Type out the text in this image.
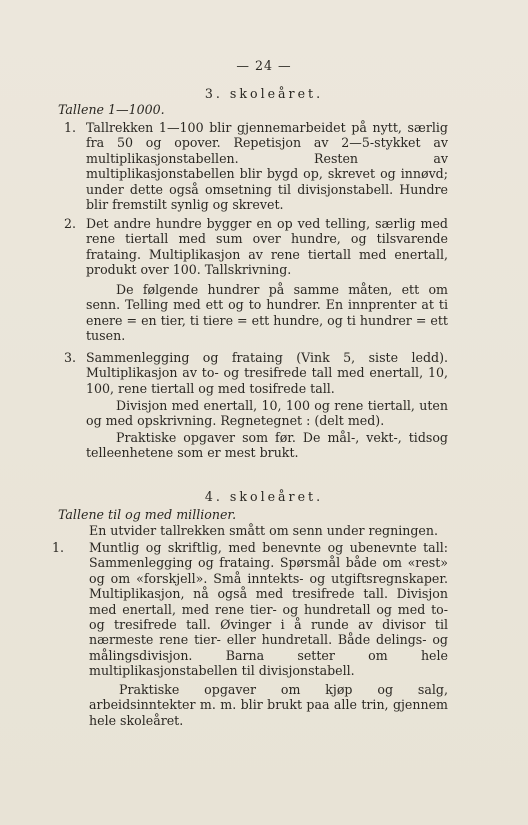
— 24 —
3. skoleåret.
Tallene 1—1000.
1. Tallrekken 1—100 blir gjennemarbeidet på nytt, særlig fra 50 og opover. Repetisjon av 2—5-stykket av multiplikasjonstabellen. Resten av multiplikasjonstabellen blir bygd op, skrevet og innøvd; under dette også omsetning til divisjonstabell. Hundre blir fremstilt synlig og skrevet.
2. Det andre hundre bygger en op ved telling, særlig med rene tiertall med sum over hundre, og tilsvarende frataing. Multiplikasjon av rene tiertall med enertall, produkt over 100. Tallskrivning.
De følgende hundrer på samme måten, ett om senn. Telling med ett og to hundrer. En innprenter at ti enere = en tier, ti tiere = ett hundre, og ti hundrer = ett tusen.
3. Sammenlegging og frataing (Vink 5, siste ledd). Multiplikasjon av to- og tresifrede tall med enertall, 10, 100, rene tiertall og med tosifrede tall.
Divisjon med enertall, 10, 100 og rene tiertall, uten og med opskrivning. Regnetegnet : (delt med).
Praktiske opgaver som før. De mål-, vekt-, tidsog telleenhetene som er mest brukt.
4. skoleåret.
Tallene til og med millioner.
En utvider tallrekken smått om senn under regningen.
1. Muntlig og skriftlig, med benevnte og ubenevnte tall: Sammenlegging og frataing. Spørsmål både om «rest» og om «forskjell». Små inntekts- og utgiftsregnskaper. Multiplikasjon, nå også med tresifrede tall. Divisjon med enertall, med rene tier- og hundretall og med to- og tresifrede tall. Øvinger i å runde av divisor til nærmeste rene tier- eller hundretall. Både delings- og målingsdivisjon. Barna setter om hele multiplikasjonstabellen til divisjonstabell.
Praktiske opgaver om kjøp og salg, arbeidsinntekter m. m. blir brukt paa alle trin, gjennem hele skoleåret.
